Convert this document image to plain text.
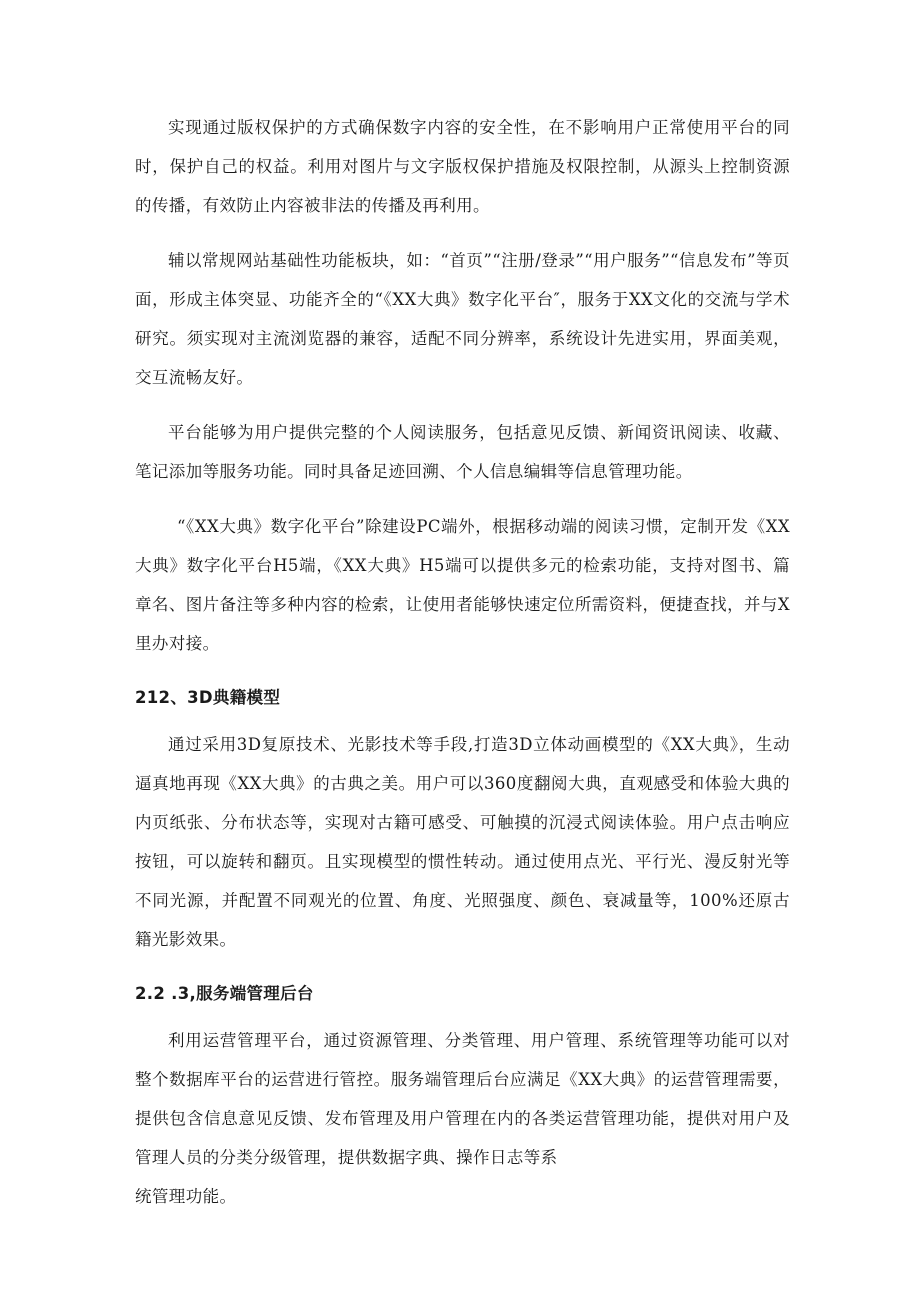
实现通过版权保护的方式确保数字内容的安全性，在不影响用户正常使用平台的同时，保护自己的权益。利用对图片与文字版权保护措施及权限控制，从源头上控制资源的传播，有效防止内容被非法的传播及再利用。

辅以常规网站基础性功能板块，如：“首页”“注册/登录”“用户服务”“信息发布”等页面，形成主体突显、功能齐全的“《XX大典》数字化平台″，服务于XX文化的交流与学术研究。须实现对主流浏览器的兼容，适配不同分辨率，系统设计先进实用，界面美观，交互流畅友好。

平台能够为用户提供完整的个人阅读服务，包括意见反馈、新闻资讯阅读、收藏、笔记添加等服务功能。同时具备足迹回溯、个人信息编辑等信息管理功能。

“《XX大典》数字化平台”除建设PC端外，根据移动端的阅读习惯，定制开发《XX大典》数字化平台H5端，《XX大典》H5端可以提供多元的检索功能，支持对图书、篇章名、图片备注等多种内容的检索，让使用者能够快速定位所需资料，便捷查找，并与X里办对接。

212、3D典籍模型

通过采用3D复原技术、光影技术等手段,打造3D立体动画模型的《XX大典》，生动逼真地再现《XX大典》的古典之美。用户可以360度翻阅大典，直观感受和体验大典的内页纸张、分布状态等，实现对古籍可感受、可触摸的沉浸式阅读体验。用户点击响应按钮，可以旋转和翻页。且实现模型的惯性转动。通过使用点光、平行光、漫反射光等不同光源，并配置不同观光的位置、角度、光照强度、颜色、衰减量等，100%还原古籍光影效果。

2.2 .3,服务端管理后台

利用运营管理平台，通过资源管理、分类管理、用户管理、系统管理等功能可以对整个数据库平台的运营进行管控。服务端管理后台应满足《XX大典》的运营管理需要，提供包含信息意见反馈、发布管理及用户管理在内的各类运营管理功能，提供对用户及管理人员的分类分级管理，提供数据字典、操作日志等系

统管理功能。
